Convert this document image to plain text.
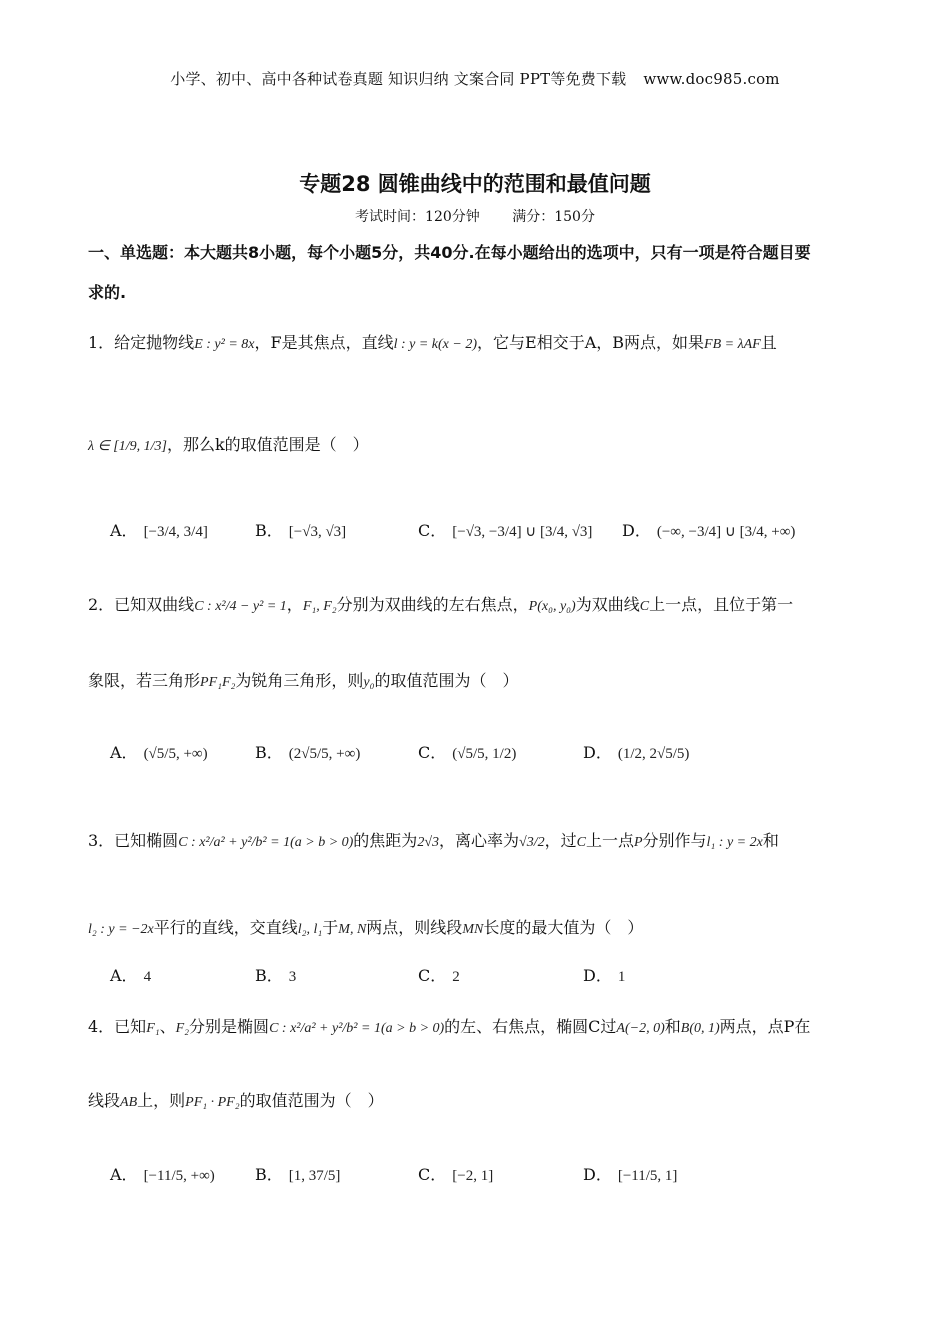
小学、初中、高中各种试卷真题 知识归纳 文案合同 PPT等免费下载 www.doc985.com
专题28 圆锥曲线中的范围和最值问题
考试时间：120分钟 满分：150分
一、单选题：本大题共8小题，每个小题5分，共40分.在每小题给出的选项中，只有一项是符合题目要
求的.
1．给定抛物线E : y² = 8x，F是其焦点，直线l : y = k(x − 2)，它与E相交于A，B两点，如果FB = λAF且
λ ∈ [1/9, 1/3]，那么k的取值范围是（　）
A． [−3/4, 3/4]	B． [−√3, √3]	C． [−√3, −3/4] ∪ [3/4, √3] D． (−∞, −3/4] ∪ [3/4, +∞)
2．已知双曲线C : x²/4 − y² = 1，F₁, F₂分别为双曲线的左右焦点，P(x₀, y₀)为双曲线C上一点，且位于第一
象限，若三角形PF₁F₂为锐角三角形，则y₀的取值范围为（　）
A． (√5/5, +∞)	B． (2√5/5, +∞)	C． (√5/5, 1/2)	D． (1/2, 2√5/5)
3．已知椭圆C : x²/a² + y²/b² = 1(a > b > 0)的焦距为2√3，离心率为√3/2，过C上一点P分别作与l₁ : y = 2x和
l₂ : y = −2x平行的直线，交直线l₂, l₁于M, N两点，则线段MN长度的最大值为（　）
A． 4	B． 3	C． 2	D． 1
4．已知F₁、F₂分别是椭圆C : x²/a² + y²/b² = 1(a > b > 0)的左、右焦点，椭圆C过A(−2, 0)和B(0, 1)两点，点P在
线段AB上，则PF₁ · PF₂的取值范围为（　）
A． [−11/5, +∞)	B． [1, 37/5]	C． [−2, 1]	D． [−11/5, 1]
